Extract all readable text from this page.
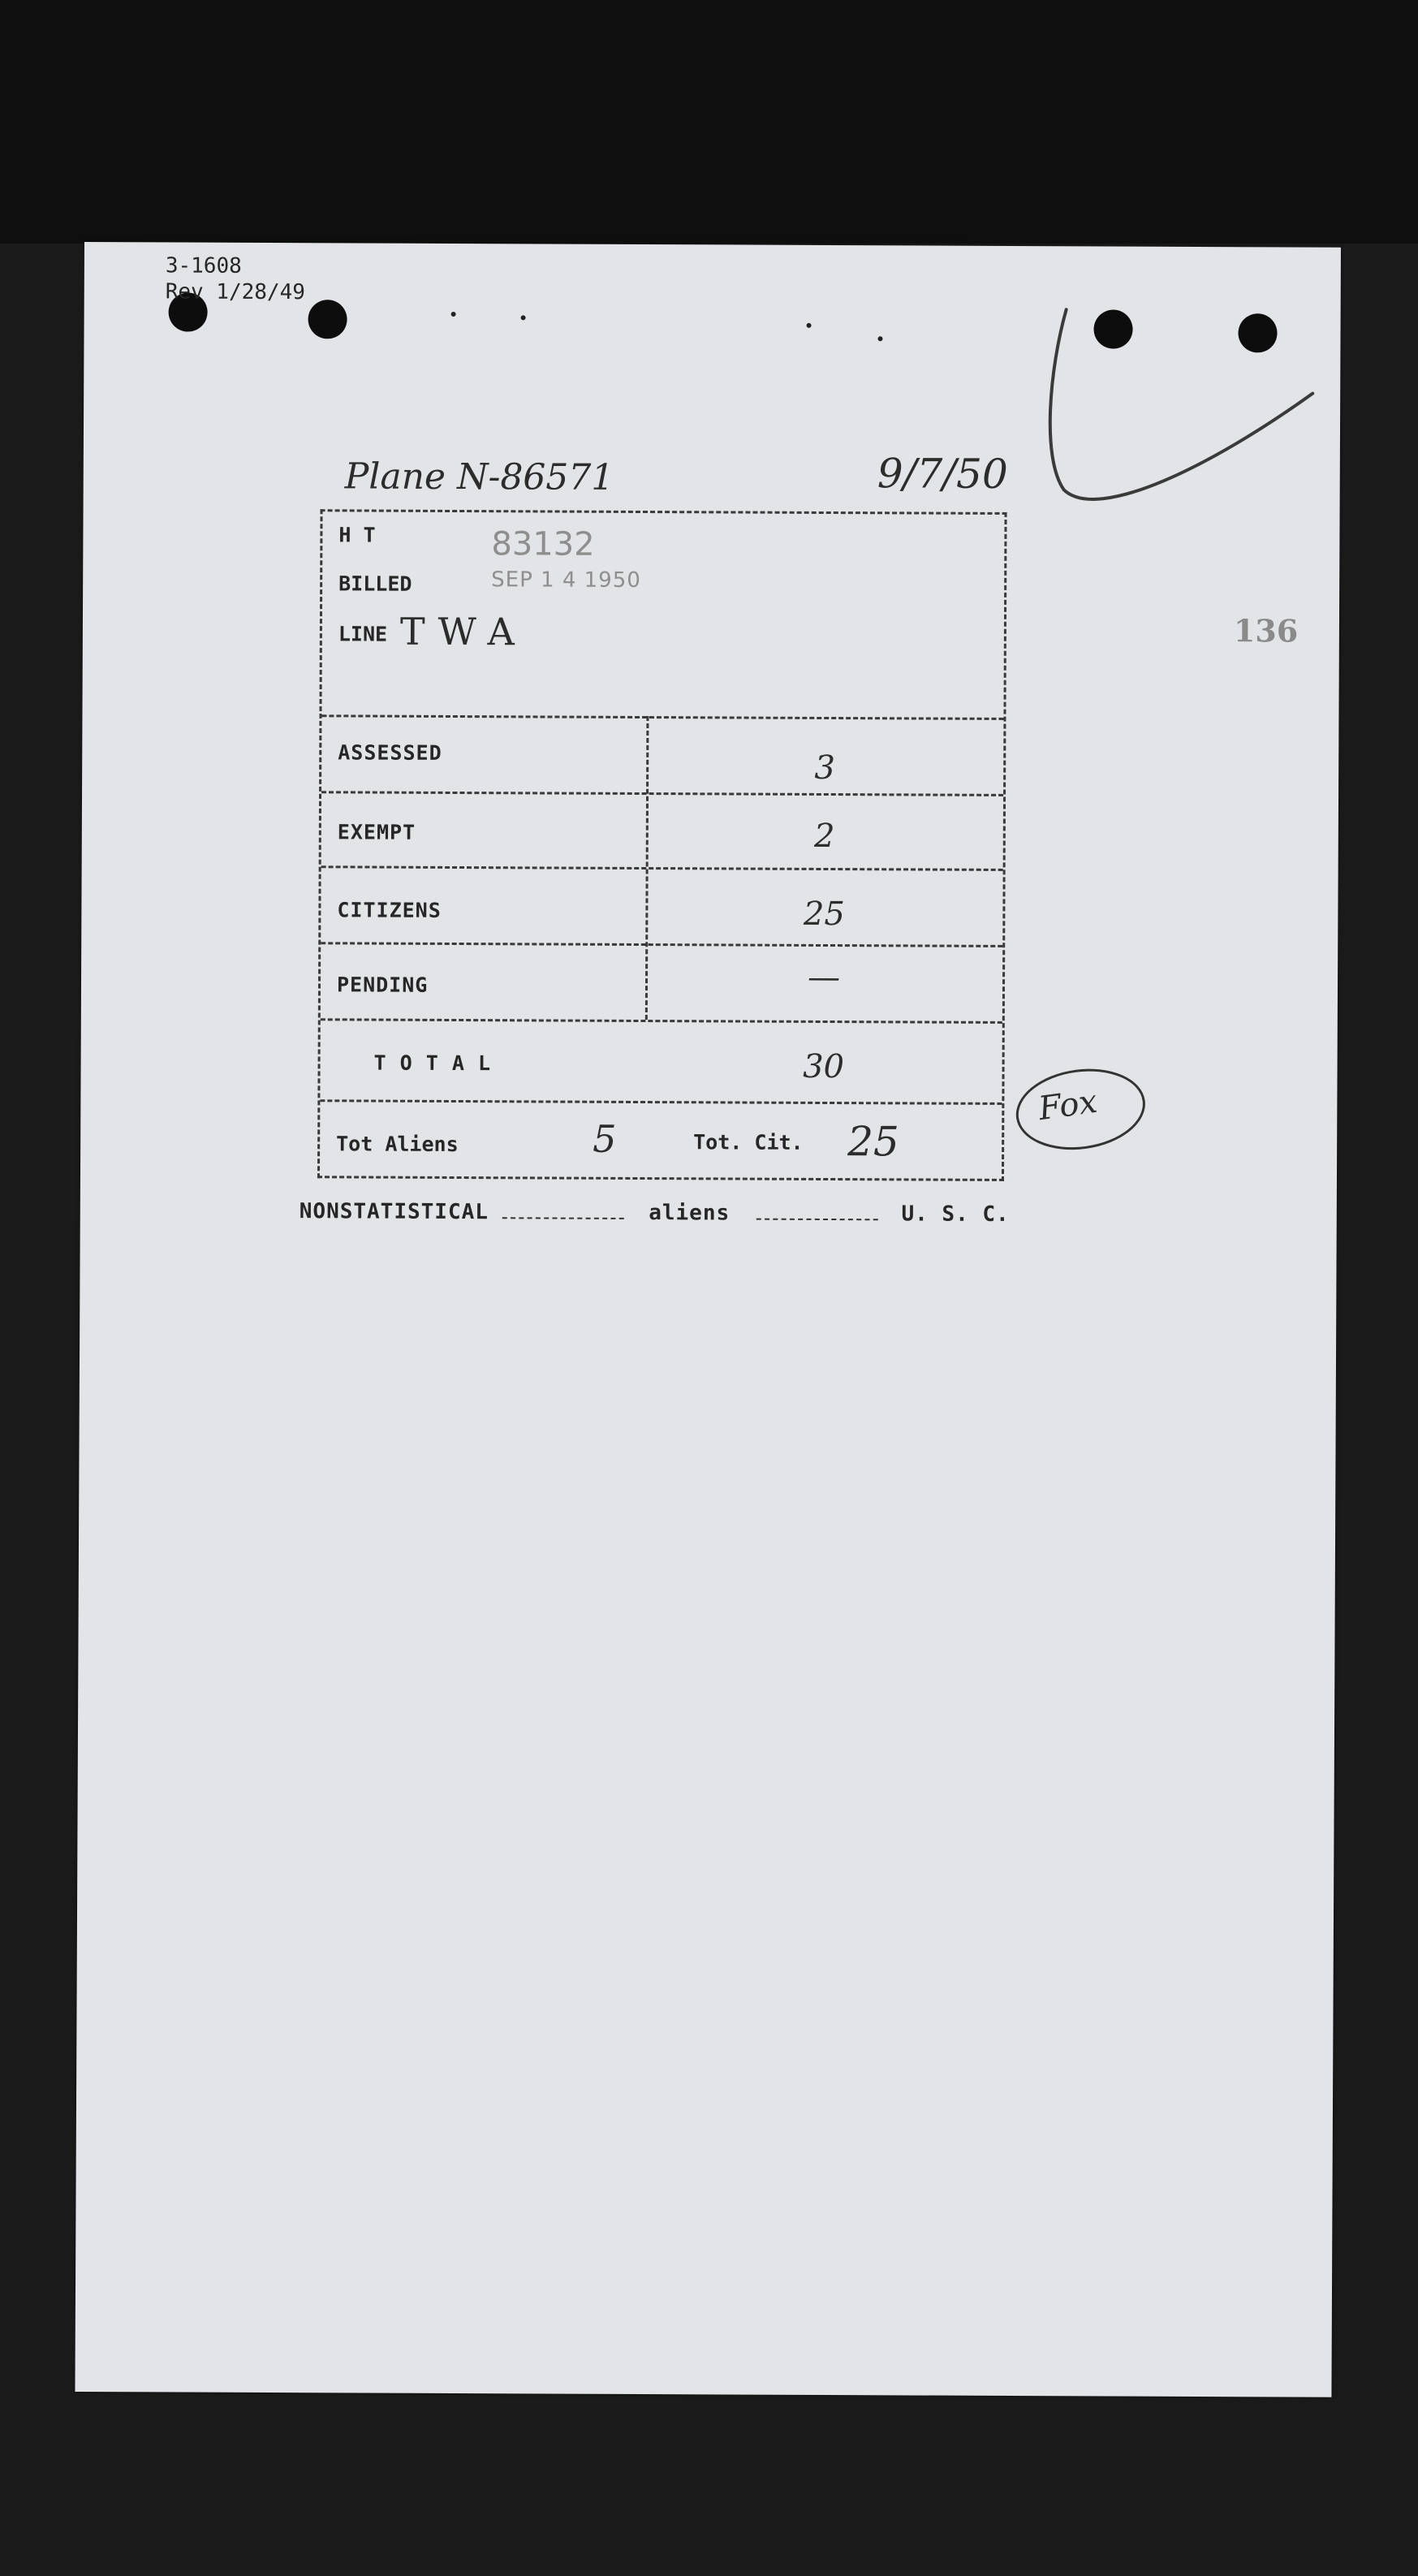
3-1608
Rev 1/28/49
Plane N-86571	9/7/50
136
H T	83132
BILLED	SEP 1 4 1950
LINE TWA
ASSESSED	3
EXEMPT	2
CITIZENS	25
PENDING	—
T O T A L	30
Tot Aliens	5	Tot. Cit. 25
Fox
NONSTATISTICAL	aliens	U. S. C.
